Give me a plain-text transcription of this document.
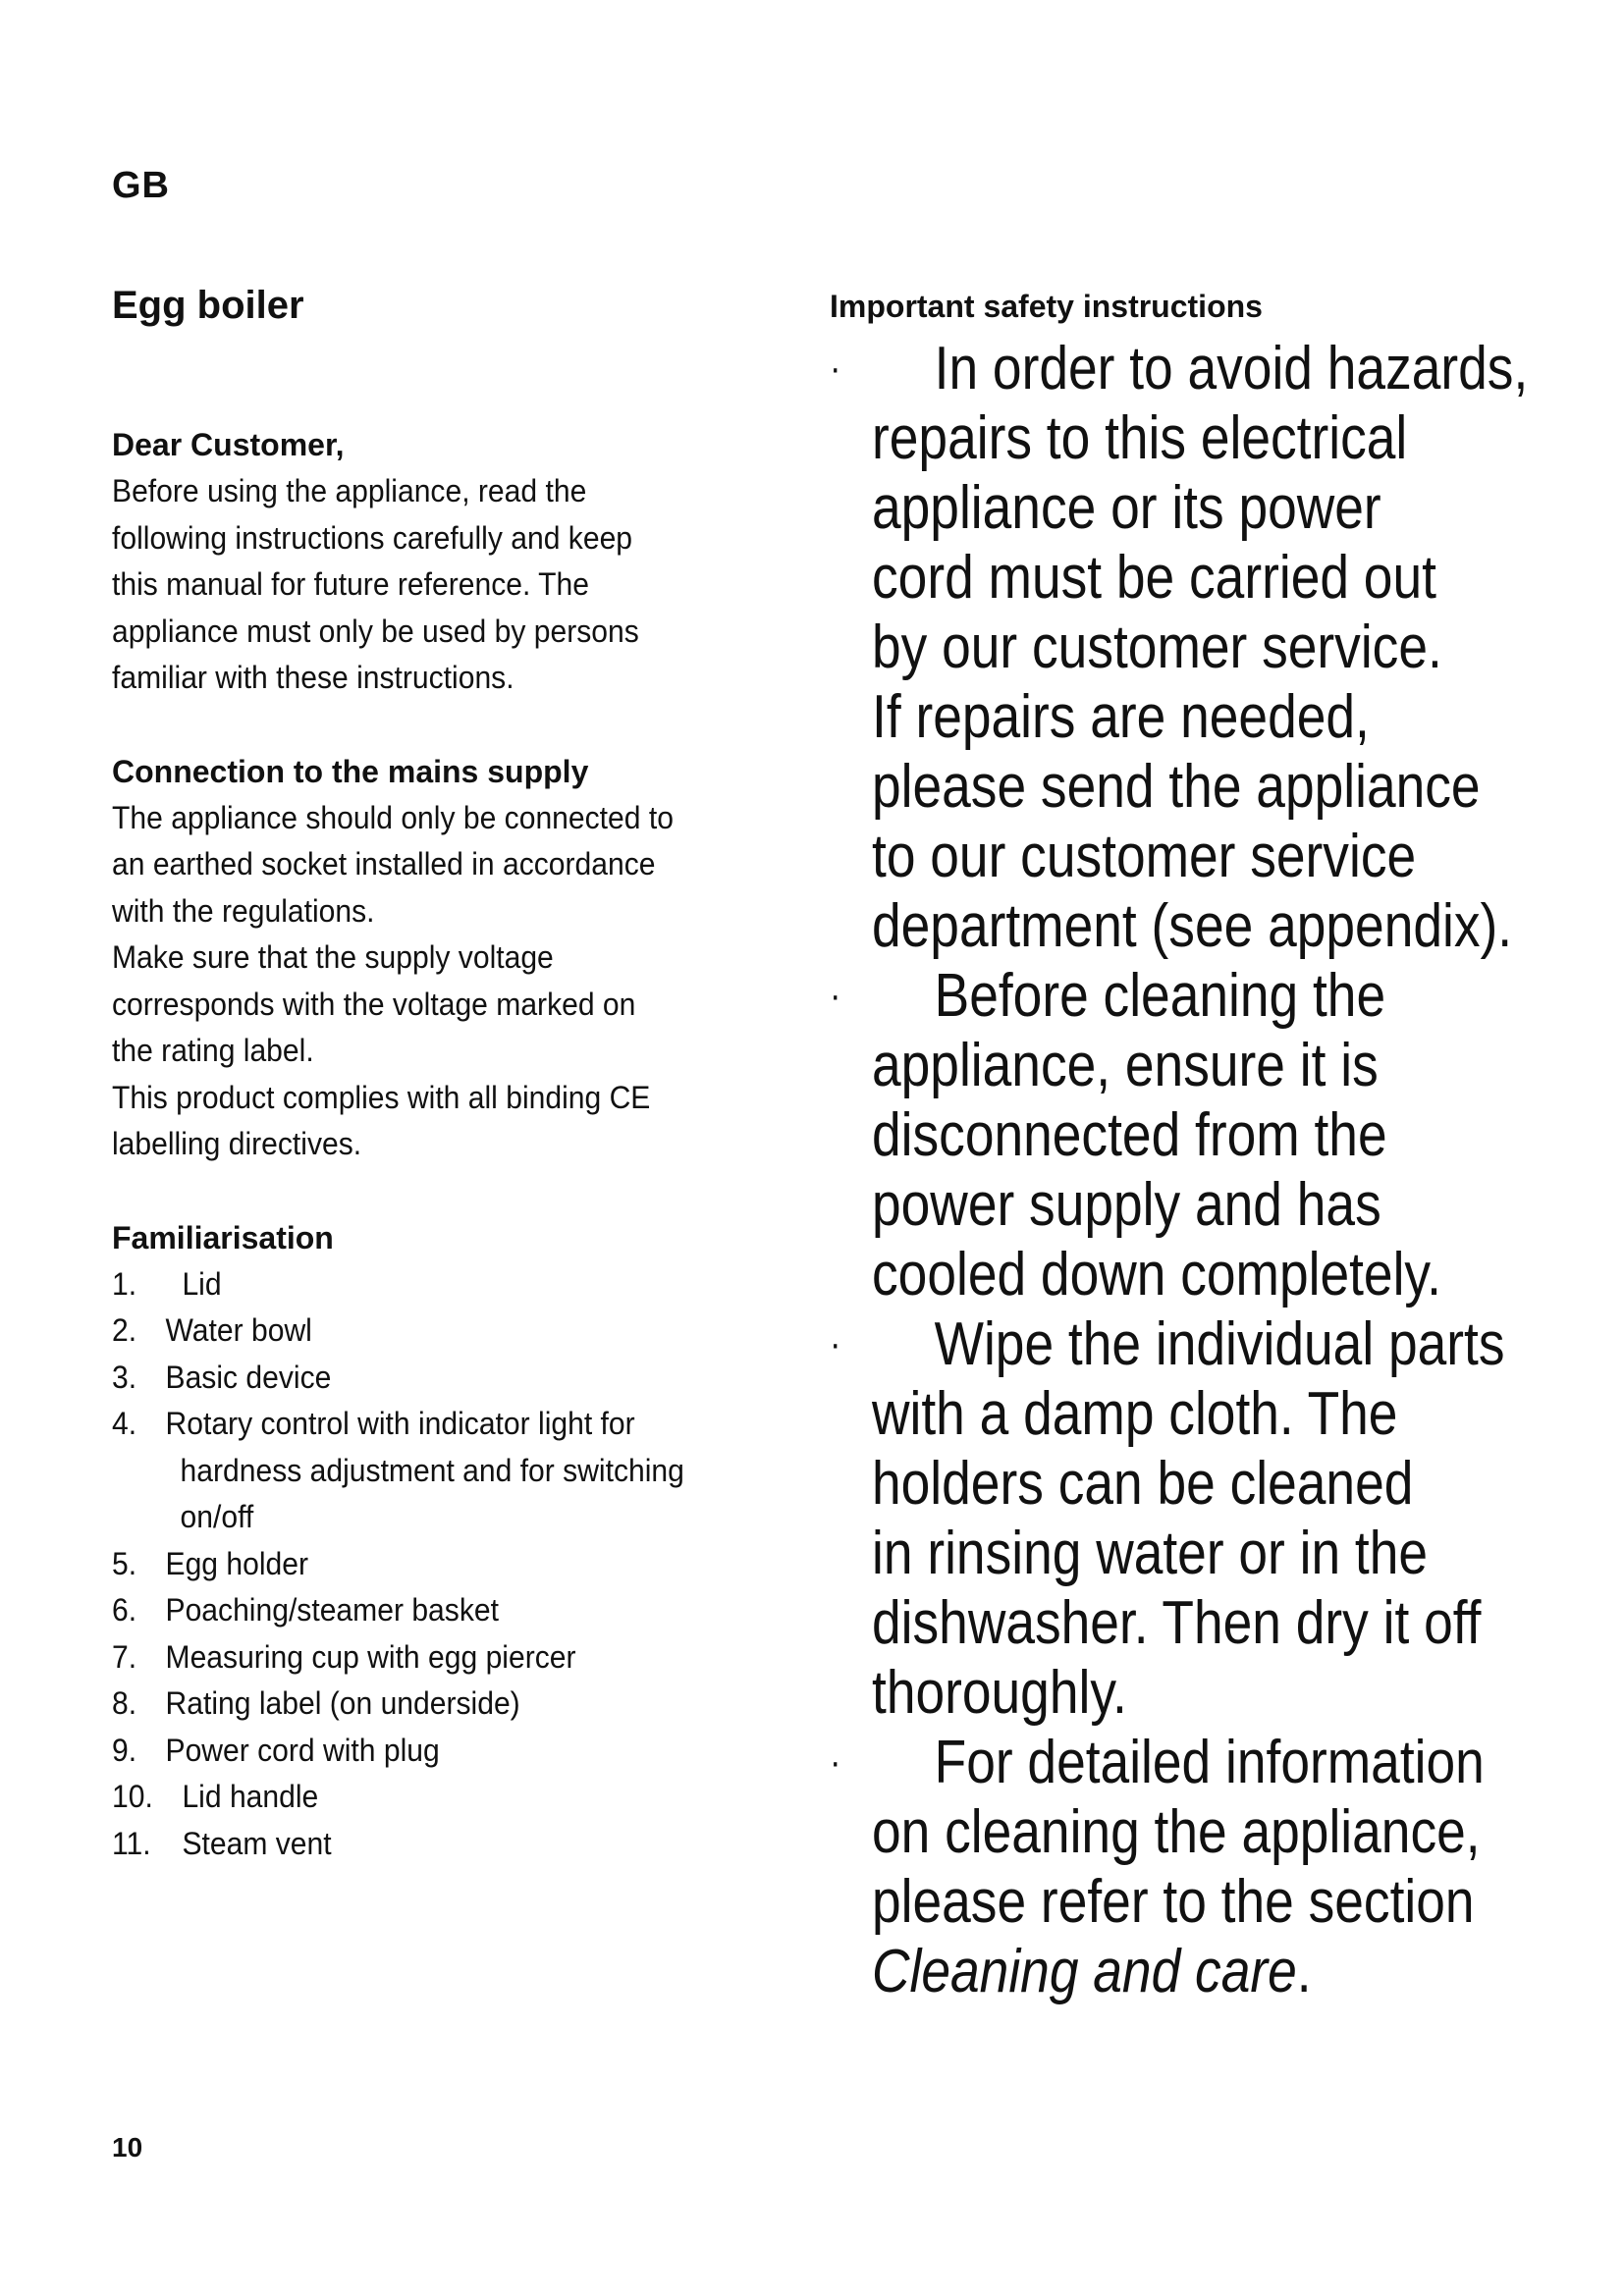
GB
Egg boiler
Dear Customer,

Before using the appliance, read the

following instructions carefully and keep

this manual for future reference. The

appliance must only be used by persons

familiar with these instructions.

Connection to the mains supply

The appliance should only be connected to

an earthed socket installed in accordance

with the regulations.

Make sure that the supply voltage

corresponds with the voltage marked on

the rating label.

This product complies with all binding CE

labelling directives.

Familiarisation
1.	Lid
2. Water bowl
3. Basic device
4. Rotary control with indicator light for
hardness adjustment and for switching
on/off
5. Egg holder
6. Poaching/steamer basket
7. Measuring cup with egg piercer
8. Rating label (on underside)
9. Power cord with plug
10. Lid handle
11. Steam vent
Important safety instructions
·	In order to avoid hazards,
repairs to this electrical
appliance or its power
cord must be carried out
by our customer service.
If repairs are needed,
please send the appliance
to our customer service
department (see appendix).
·	Before cleaning the
appliance, ensure it is
disconnected from the
power supply and has
cooled down completely.
·	Wipe the individual parts
with a damp cloth. The
holders can be cleaned
in rinsing water or in the
dishwasher. Then dry it off
thoroughly.
·	For detailed information
on cleaning the appliance,
please refer to the section
Cleaning and care.
10
